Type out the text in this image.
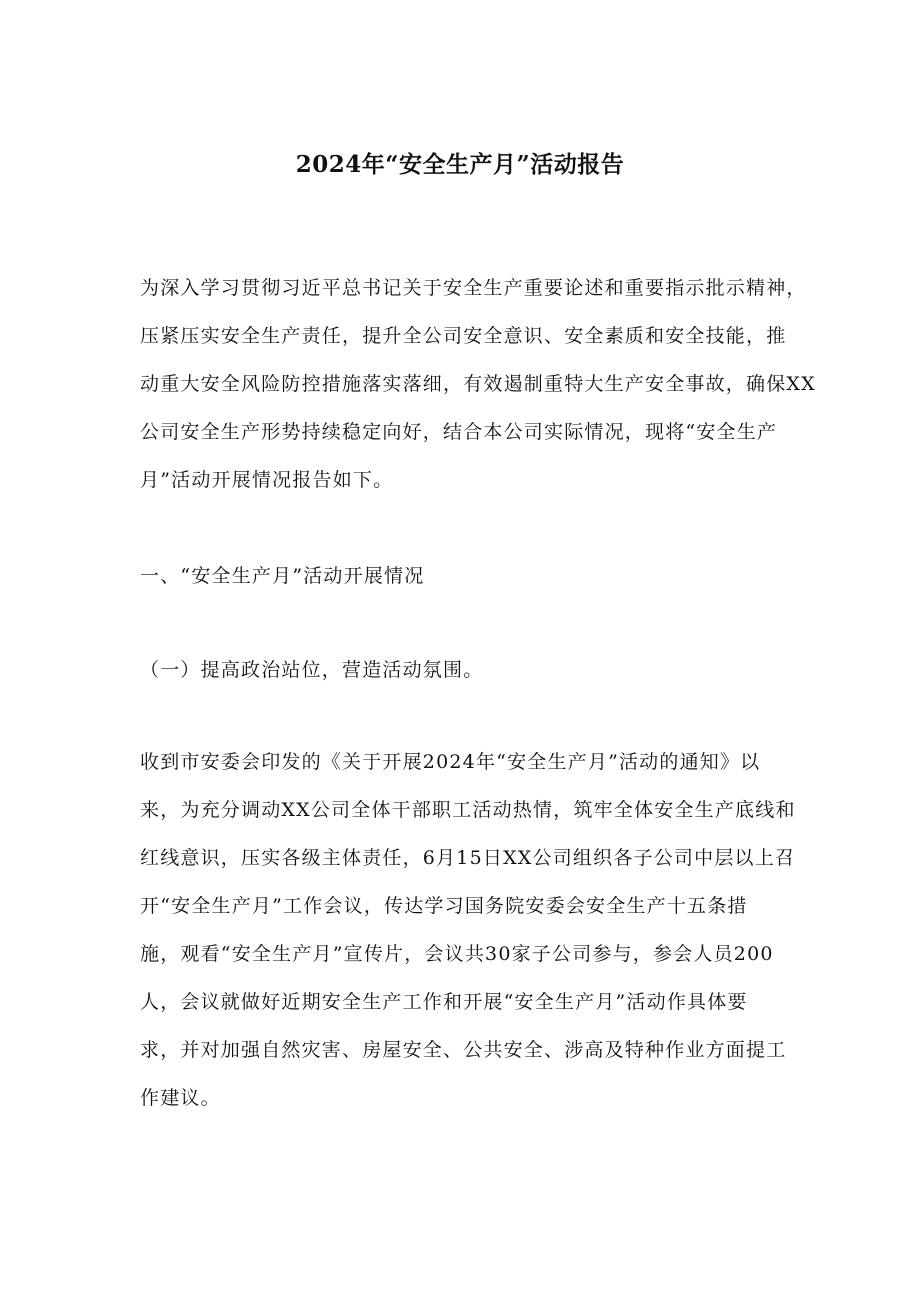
2024年“安全生产月”活动报告

为深入学习贯彻习近平总书记关于安全生产重要论述和重要指示批示精神，
压紧压实安全生产责任，提升全公司安全意识、安全素质和安全技能，推
动重大安全风险防控措施落实落细，有效遏制重特大生产安全事故，确保XX
公司安全生产形势持续稳定向好，结合本公司实际情况，现将“安全生产
月”活动开展情况报告如下。

一、“安全生产月”活动开展情况

（一）提高政治站位，营造活动氛围。

收到市安委会印发的《关于开展2024年“安全生产月”活动的通知》以
来，为充分调动XX公司全体干部职工活动热情，筑牢全体安全生产底线和
红线意识，压实各级主体责任，6月15日XX公司组织各子公司中层以上召
开“安全生产月”工作会议，传达学习国务院安委会安全生产十五条措
施，观看“安全生产月”宣传片，会议共30家子公司参与，参会人员200
人，会议就做好近期安全生产工作和开展“安全生产月”活动作具体要
求，并对加强自然灾害、房屋安全、公共安全、涉高及特种作业方面提工
作建议。
